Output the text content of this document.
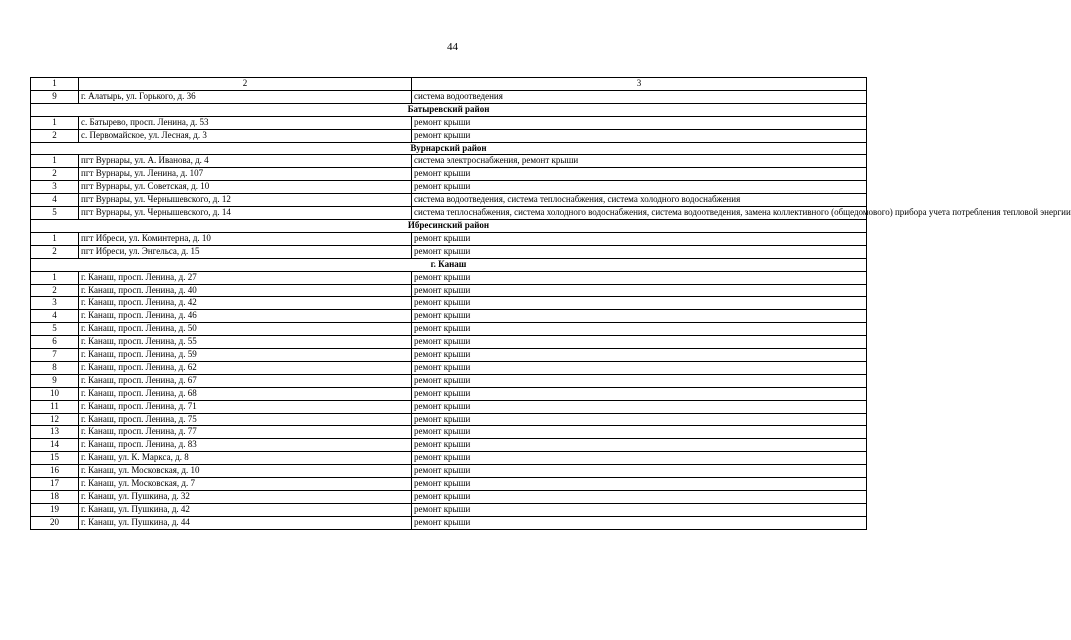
44
1	2	3
9	г. Алатырь, ул. Горького, д. 36	система водоотведения
Батыревский район		
1	с. Батырево, просп. Ленина, д. 53	ремонт крыши
2	с. Первомайское, ул. Лесная, д. 3	ремонт крыши
Вурнарский район		
1	пгт Вурнары, ул. А. Иванова, д. 4	система электроснабжения, ремонт крыши
2	пгт Вурнары, ул. Ленина, д. 107	ремонт крыши
3	пгт Вурнары, ул. Советская, д. 10	ремонт крыши
4	пгт Вурнары, ул. Чернышевского, д. 12	система водоотведения, система теплоснабжения, система холодного водоснабжения
5	пгт Вурнары, ул. Чернышевского, д. 14	система теплоснабжения, система холодного водоснабжения, система водоотведения, замена коллективного (общедомового) прибора учета потребления тепловой энергии
Ибресинский район		
1	пгт Ибреси, ул. Коминтерна, д. 10	ремонт крыши
2	пгт Ибреси, ул. Энгельса, д. 15	ремонт крыши
г. Канаш		
1	г. Канаш, просп. Ленина, д. 27	ремонт крыши
2	г. Канаш, просп. Ленина, д. 40	ремонт крыши
3	г. Канаш, просп. Ленина, д. 42	ремонт крыши
4	г. Канаш, просп. Ленина, д. 46	ремонт крыши
5	г. Канаш, просп. Ленина, д. 50	ремонт крыши
6	г. Канаш, просп. Ленина, д. 55	ремонт крыши
7	г. Канаш, просп. Ленина, д. 59	ремонт крыши
8	г. Канаш, просп. Ленина, д. 62	ремонт крыши
9	г. Канаш, просп. Ленина, д. 67	ремонт крыши
10	г. Канаш, просп. Ленина, д. 68	ремонт крыши
11	г. Канаш, просп. Ленина, д. 71	ремонт крыши
12	г. Канаш, просп. Ленина, д. 75	ремонт крыши
13	г. Канаш, просп. Ленина, д. 77	ремонт крыши
14	г. Канаш, просп. Ленина, д. 83	ремонт крыши
15	г. Канаш, ул. К. Маркса, д. 8	ремонт крыши
16	г. Канаш, ул. Московская, д. 10	ремонт крыши
17	г. Канаш, ул. Московская, д. 7	ремонт крыши
18	г. Канаш, ул. Пушкина, д. 32	ремонт крыши
19	г. Канаш, ул. Пушкина, д. 42	ремонт крыши
20	г. Канаш, ул. Пушкина, д. 44	ремонт крыши
